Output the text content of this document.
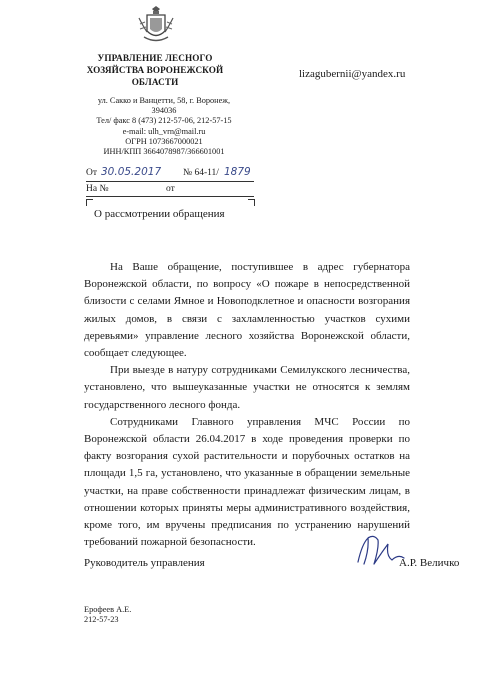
УПРАВЛЕНИЕ ЛЕСНОГО
ХОЗЯЙСТВА ВОРОНЕЖСКОЙ
ОБЛАСТИ
ул. Сакко и Ванцетти, 58, г. Воронеж,
394036
Тел/ факс 8 (473) 212-57-06, 212-57-15
e-mail: ulh_vrn@mail.ru
ОГРН 1073667000021
ИНН/КПП 3664078987/366601001
lizagubernii@yandex.ru
От 30.05.2017 № 64-11/ 1879
На №	от
О рассмотрении обращения

На Ваше обращение, поступившее в адрес губернатора Воронежской области, по вопросу «О пожаре в непосредственной близости с селами Ямное и Новоподклетное и опасности возгорания жилых домов, в связи с захламленностью участков сухими деревьями» управление лесного хозяйства Воронежской области, сообщает следующее.

При выезде в натуру сотрудниками Семилукского лесничества, установлено, что вышеуказанные участки не относятся к землям государственного лесного фонда.

Сотрудниками Главного управления МЧС России по Воронежской области 26.04.2017 в ходе проведения проверки по факту возгорания сухой растительности и порубочных остатков на площади 1,5 га, установлено, что указанные в обращении земельные участки, на праве собственности принадлежат физическим лицам, в отношении которых приняты меры административного воздействия, кроме того, им вручены предписания по устранению нарушений требований пожарной безопасности.

Руководитель управления	А.Р. Величко
Ерофеев А.Е.
212-57-23
